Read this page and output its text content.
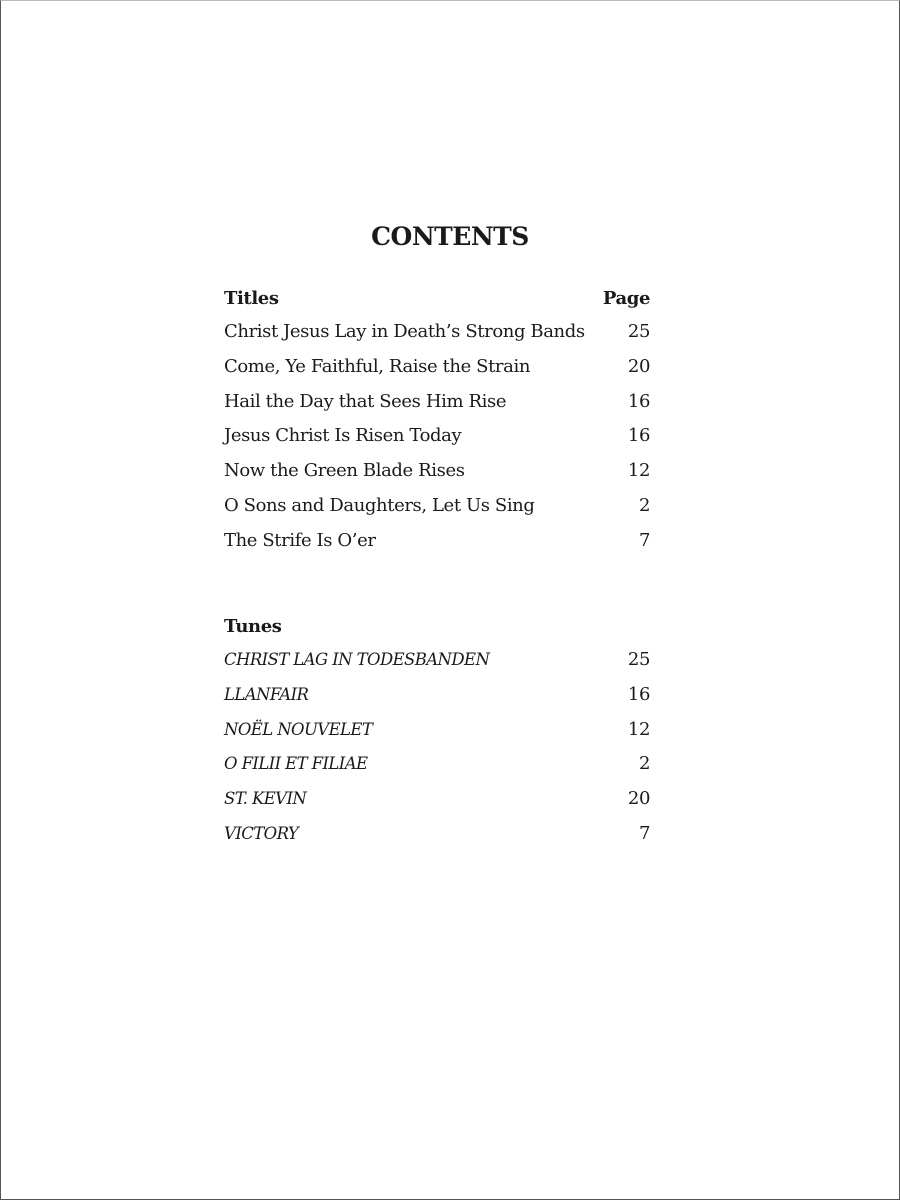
CONTENTS
Titles	Page
Christ Jesus Lay in Death’s Strong Bands	25
Come, Ye Faithful, Raise the Strain	20
Hail the Day that Sees Him Rise	16
Jesus Christ Is Risen Today	16
Now the Green Blade Rises	12
O Sons and Daughters, Let Us Sing	2
The Strife Is O’er	7
Tunes
CHRIST LAG IN TODESBANDEN	25
LLANFAIR	16
NOËL NOUVELET	12
O FILII ET FILIAE	2
ST. KEVIN	20
VICTORY	7
